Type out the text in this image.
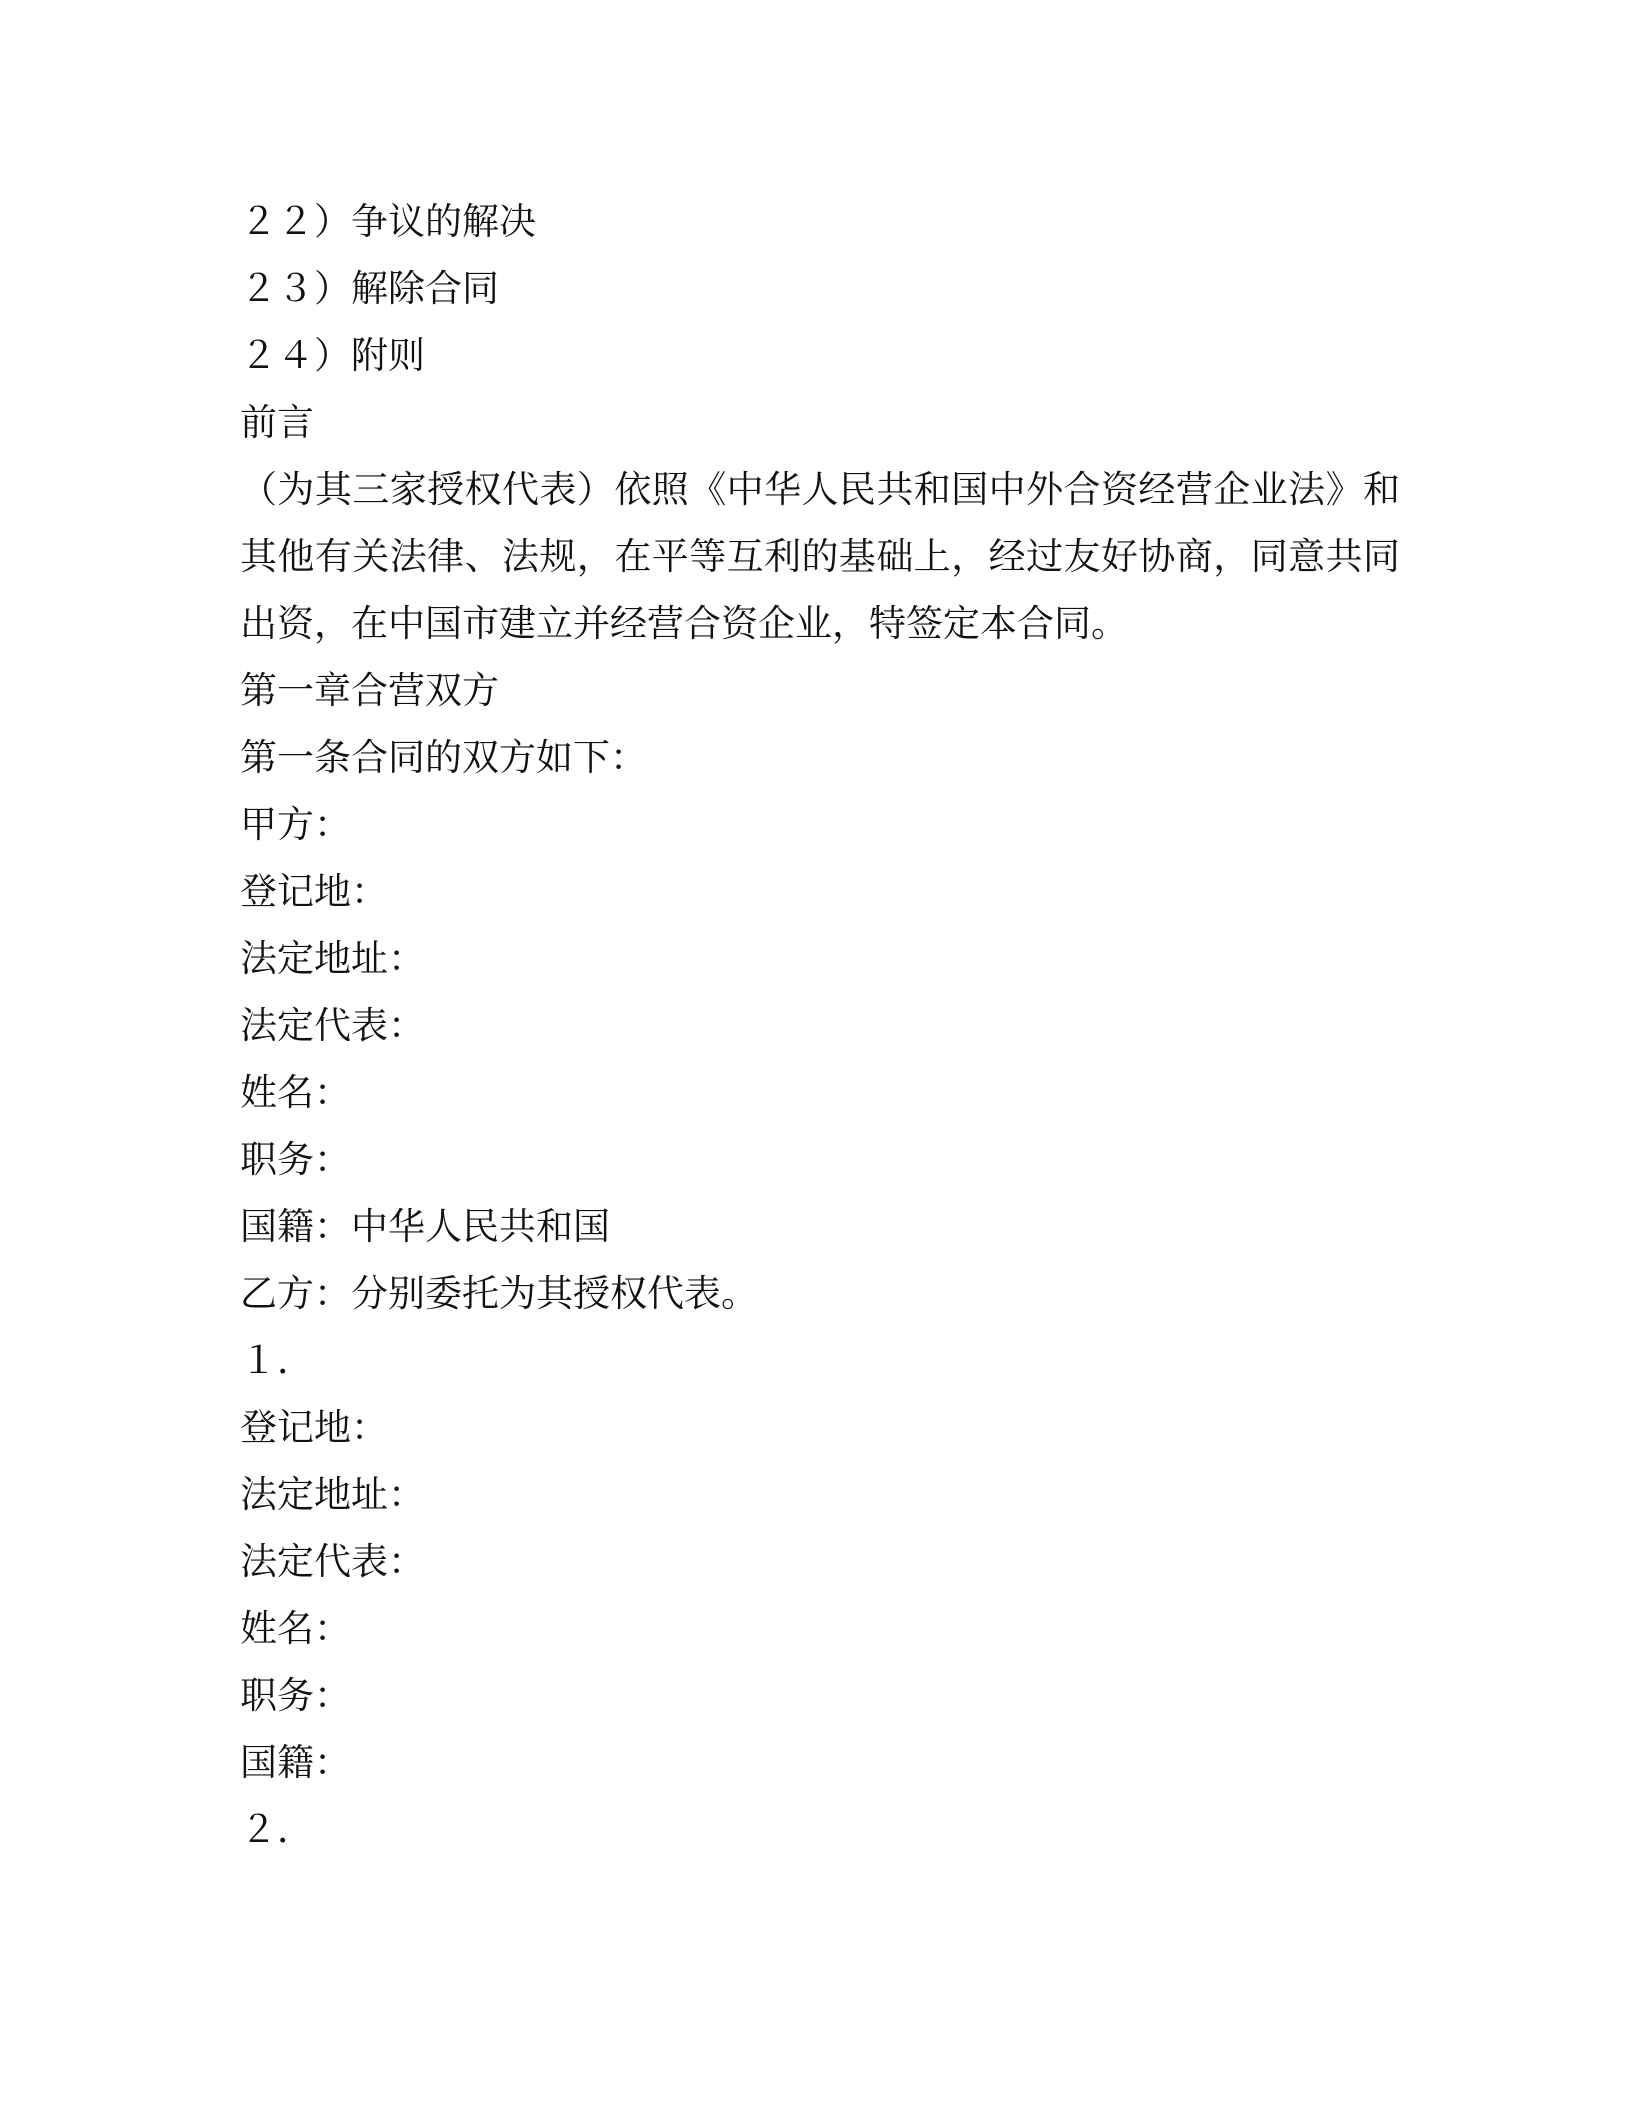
２２）争议的解决
２３）解除合同
２４）附则
前言
（为其三家授权代表）依照《中华人民共和国中外合资经营企业法》和其他有关法律、法规，在平等互利的基础上，经过友好协商，同意共同出资，在中国市建立并经营合资企业，特签定本合同。
第一章合营双方
第一条合同的双方如下：
甲方：
登记地：
法定地址：
法定代表：
姓名：
职务：
国籍：中华人民共和国
乙方：分别委托为其授权代表。
１．
登记地：
法定地址：
法定代表：
姓名：
职务：
国籍：
２．
